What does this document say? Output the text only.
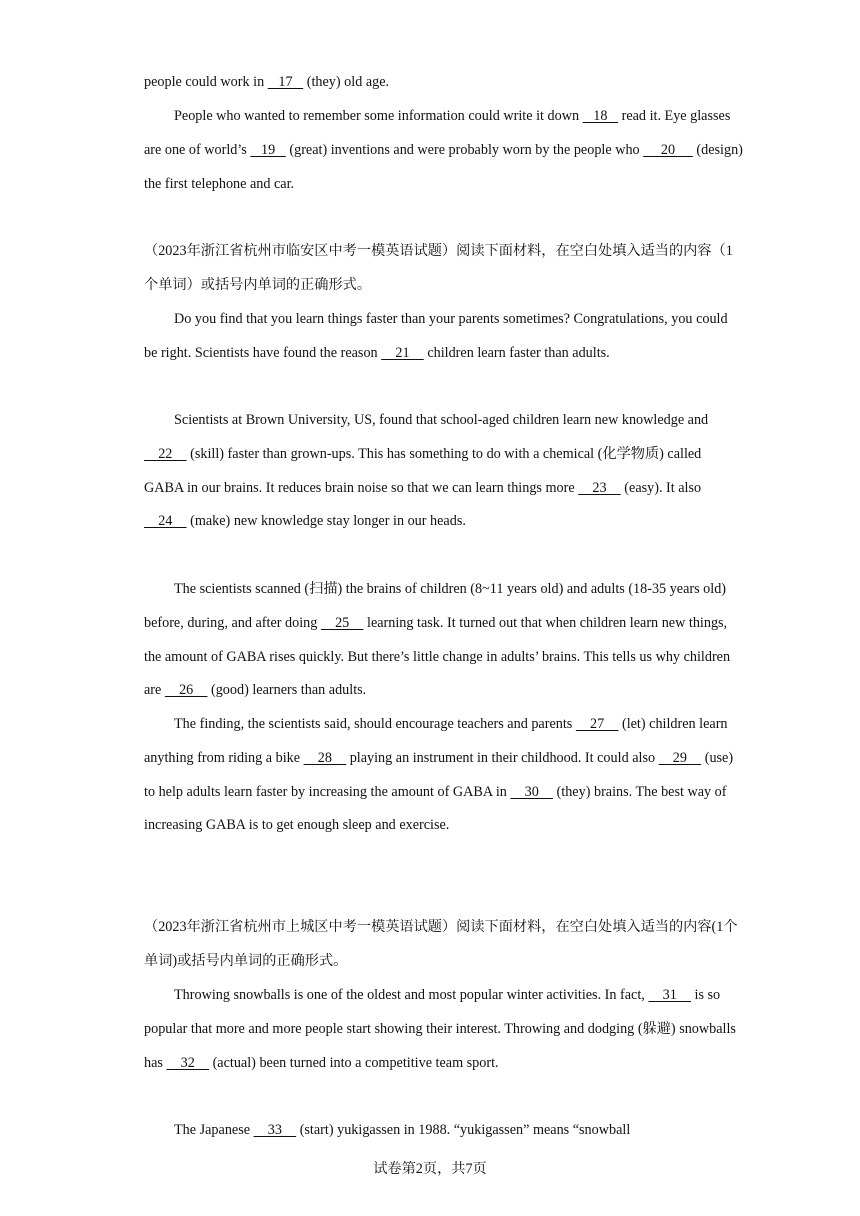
people could work in    17    (they) old age.

People who wanted to remember some information could write it down    18    read it. Eye glasses are one of world’s    19    (great) inventions and were probably worn by the people who      20      (design) the first telephone and car.

（2023年浙江省杭州市临安区中考一模英语试题）阅读下面材料，在空白处填入适当的内容（1个单词）或括号内单词的正确形式。

Do you find that you learn things faster than your parents sometimes? Congratulations, you could be right. Scientists have found the reason     21     children learn faster than adults.

Scientists at Brown University, US, found that school-aged children learn new knowledge and     22     (skill) faster than grown-ups. This has something to do with a chemical (化学物质) called GABA in our brains. It reduces brain noise so that we can learn things more     23     (easy). It also     24     (make) new knowledge stay longer in our heads.

The scientists scanned (扫描) the brains of children (8~11 years old) and adults (18-35 years old) before, during, and after doing     25     learning task. It turned out that when children learn new things, the amount of GABA rises quickly. But there’s little change in adults’ brains. This tells us why children are     26     (good) learners than adults.

The finding, the scientists said, should encourage teachers and parents     27     (let) children learn anything from riding a bike     28     playing an instrument in their childhood. It could also     29     (use) to help adults learn faster by increasing the amount of GABA in     30     (they) brains. The best way of increasing GABA is to get enough sleep and exercise.

（2023年浙江省杭州市上城区中考一模英语试题）阅读下面材料，在空白处填入适当的内容(1个单词)或括号内单词的正确形式。

Throwing snowballs is one of the oldest and most popular winter activities. In fact,     31     is so popular that more and more people start showing their interest. Throwing and dodging (躲避) snowballs has     32     (actual) been turned into a competitive team sport.

The Japanese     33     (start) yukigassen in 1988. “yukigassen” means “snowball

试卷第2页，共7页
